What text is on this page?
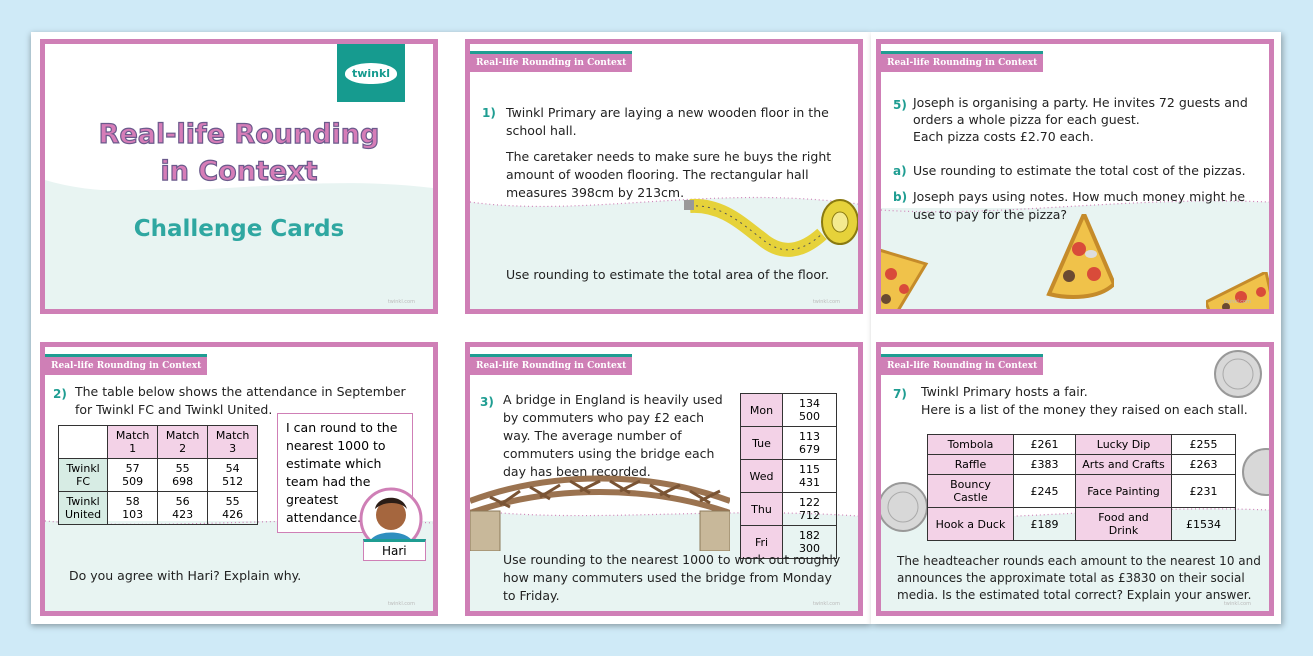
twinkl
Real-life Rounding
in Context
Challenge Cards
twinkl.com
Real-life Rounding in Context
1) Twinkl Primary are laying a new wooden floor in the school hall.

The caretaker needs to make sure he buys the right amount of wooden flooring. The rectangular hall measures 398cm by 213cm.

Use rounding to estimate the total area of the floor.
twinkl.com
Real-life Rounding in Context
5) Joseph is organising a party. He invites 72 guests and orders a whole pizza for each guest.
Each pizza costs £2.70 each.
a) Use rounding to estimate the total cost of the pizzas.
b) Joseph pays using notes. How much money might he use to pay for the pizza?
twinkl.com
Real-life Rounding in Context
2) The table below shows the attendance in September for Twinkl FC and Twinkl United.
	Match 1	Match 2	Match 3
Twinkl FC	57 509	55 698	54 512
Twinkl United	58 103	56 423	55 426
I can round to the nearest 1000 to estimate which team had the greatest attendance.
Hari
Do you agree with Hari? Explain why.
twinkl.com
Real-life Rounding in Context
3) A bridge in England is heavily used by commuters who pay £2 each way. The average number of commuters using the bridge each day has been recorded.
Mon	134 500
Tue	113 679
Wed	115 431
Thu	122 712
Fri	182 300
Use rounding to the nearest 1000 to work out roughly how many commuters used the bridge from Monday to Friday.
twinkl.com
Real-life Rounding in Context
7) Twinkl Primary hosts a fair.
Here is a list of the money they raised on each stall.
Tombola	£261	Lucky Dip	£255
Raffle	£383	Arts and Crafts	£263
Bouncy Castle	£245	Face Painting	£231
Hook a Duck	£189	Food and Drink	£1534
The headteacher rounds each amount to the nearest 10 and announces the approximate total as £3830 on their social media. Is the estimated total correct? Explain your answer.
twinkl.com
